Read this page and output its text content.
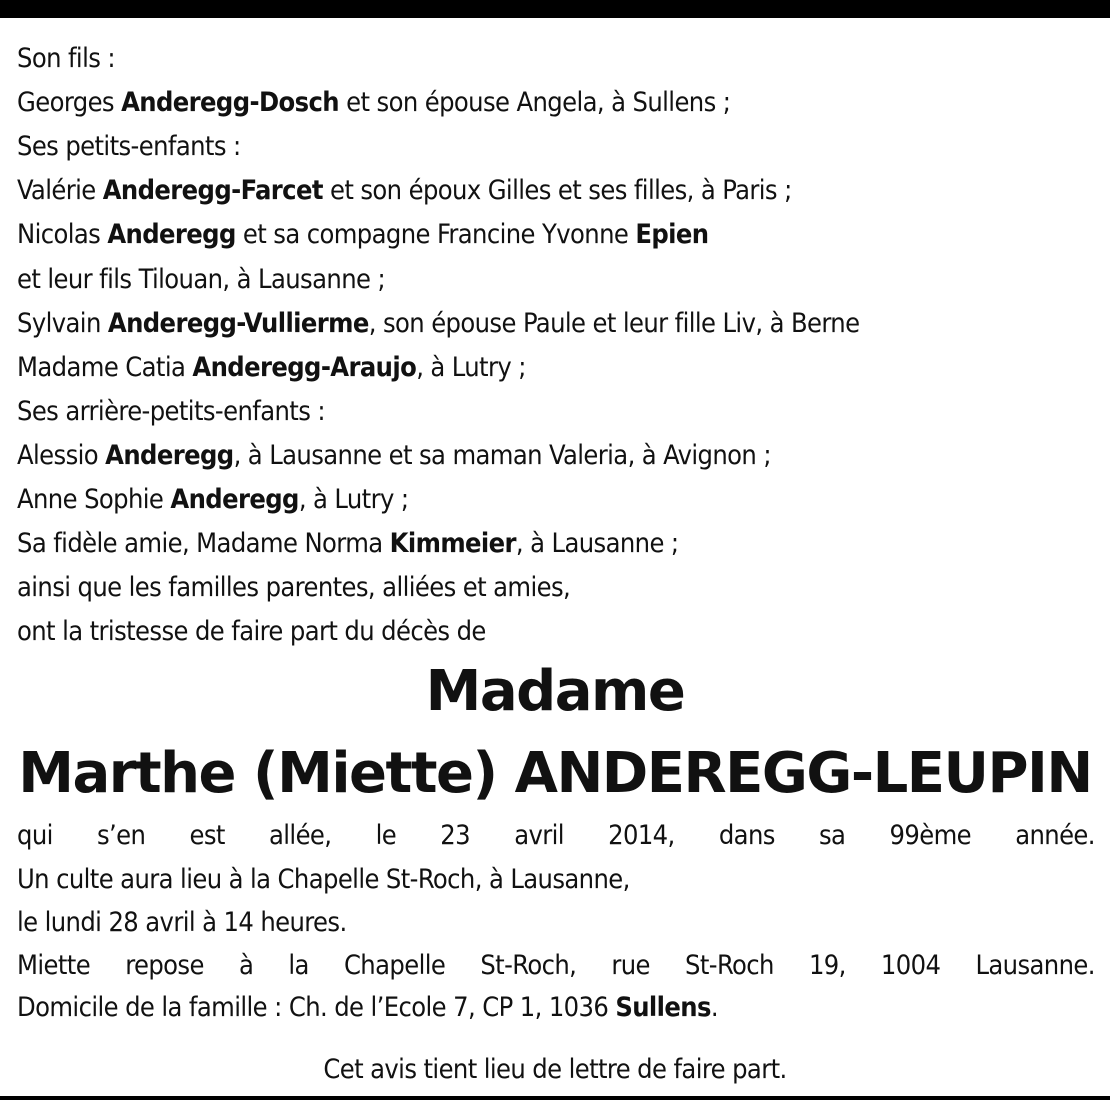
Son fils :
Georges Anderegg-Dosch et son épouse Angela, à Sullens ;
Ses petits-enfants :
Valérie Anderegg-Farcet et son époux Gilles et ses filles, à Paris ;
Nicolas Anderegg et sa compagne Francine Yvonne Epien
et leur fils Tilouan, à Lausanne ;
Sylvain Anderegg-Vullierme, son épouse Paule et leur fille Liv, à Berne
Madame Catia Anderegg-Araujo, à Lutry ;
Ses arrière-petits-enfants :
Alessio Anderegg, à Lausanne et sa maman Valeria, à Avignon ;
Anne Sophie Anderegg, à Lutry ;
Sa fidèle amie, Madame Norma Kimmeier, à Lausanne ;
ainsi que les familles parentes, alliées et amies,
ont la tristesse de faire part du décès de
Madame
Marthe (Miette) ANDEREGG-LEUPIN
qui s’en est allée, le 23 avril 2014, dans sa 99ème année.
Un culte aura lieu à la Chapelle St-Roch, à Lausanne,
le lundi 28 avril à 14 heures.
Miette repose à la Chapelle St-Roch, rue St-Roch 19, 1004 Lausanne.
Domicile de la famille : Ch. de l’Ecole 7, CP 1, 1036 Sullens.
Cet avis tient lieu de lettre de faire part.
